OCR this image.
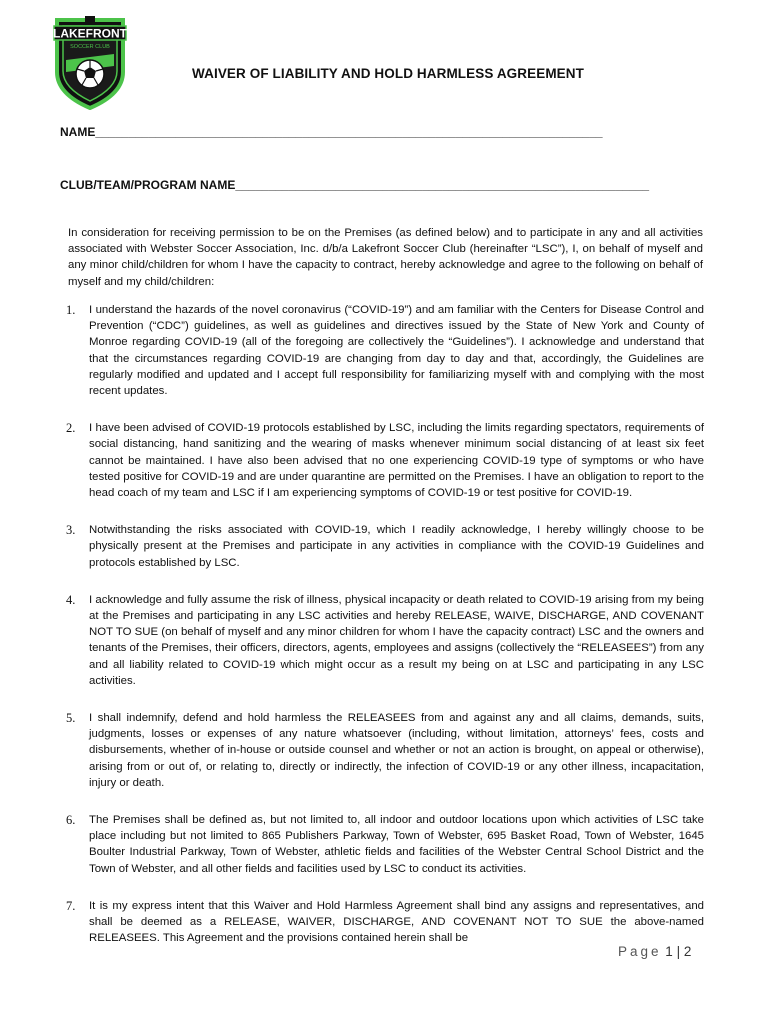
LAKEFRONT
SOCCER CLUB
WAIVER OF LIABILITY AND HOLD HARMLESS AGREEMENT
NAME____________________________________________________________________________
CLUB/TEAM/PROGRAM NAME______________________________________________________________
In consideration for receiving permission to be on the Premises (as defined below) and to participate in any and all activities associated with Webster Soccer Association, Inc. d/b/a Lakefront Soccer Club (hereinafter “LSC”), I, on behalf of myself and any minor child/children for whom I have the capacity to contract, hereby acknowledge and agree to the following on behalf of myself and my child/children:
1. I understand the hazards of the novel coronavirus (“COVID-19”) and am familiar with the Centers for Disease Control and Prevention (“CDC”) guidelines, as well as guidelines and directives issued by the State of New York and County of Monroe regarding COVID-19 (all of the foregoing are collectively the “Guidelines”). I acknowledge and understand that that the circumstances regarding COVID-19 are changing from day to day and that, accordingly, the Guidelines are regularly modified and updated and I accept full responsibility for familiarizing myself with and complying with the most recent updates.
2. I have been advised of COVID-19 protocols established by LSC, including the limits regarding spectators, requirements of social distancing, hand sanitizing and the wearing of masks whenever minimum social distancing of at least six feet cannot be maintained. I have also been advised that no one experiencing COVID-19 type of symptoms or who have tested positive for COVID-19 and are under quarantine are permitted on the Premises. I have an obligation to report to the head coach of my team and LSC if I am experiencing symptoms of COVID-19 or test positive for COVID-19.
3. Notwithstanding the risks associated with COVID-19, which I readily acknowledge, I hereby willingly choose to be physically present at the Premises and participate in any activities in compliance with the COVID-19 Guidelines and protocols established by LSC.
4. I acknowledge and fully assume the risk of illness, physical incapacity or death related to COVID-19 arising from my being at the Premises and participating in any LSC activities and hereby RELEASE, WAIVE, DISCHARGE, AND COVENANT NOT TO SUE (on behalf of myself and any minor children for whom I have the capacity contract) LSC and the owners and tenants of the Premises, their officers, directors, agents, employees and assigns (collectively the “RELEASEES”) from any and all liability related to COVID-19 which might occur as a result my being on at LSC and participating in any LSC activities.
5. I shall indemnify, defend and hold harmless the RELEASEES from and against any and all claims, demands, suits, judgments, losses or expenses of any nature whatsoever (including, without limitation, attorneys’ fees, costs and disbursements, whether of in-house or outside counsel and whether or not an action is brought, on appeal or otherwise), arising from or out of, or relating to, directly or indirectly, the infection of COVID-19 or any other illness, incapacitation, injury or death.
6. The Premises shall be defined as, but not limited to, all indoor and outdoor locations upon which activities of LSC take place including but not limited to 865 Publishers Parkway, Town of Webster, 695 Basket Road, Town of Webster, 1645 Boulter Industrial Parkway, Town of Webster, athletic fields and facilities of the Webster Central School District and the Town of Webster, and all other fields and facilities used by LSC to conduct its activities.
7. It is my express intent that this Waiver and Hold Harmless Agreement shall bind any assigns and representatives, and shall be deemed as a RELEASE, WAIVER, DISCHARGE, AND COVENANT NOT TO SUE the above-named RELEASEES. This Agreement and the provisions contained herein shall be
Page 1 | 2
